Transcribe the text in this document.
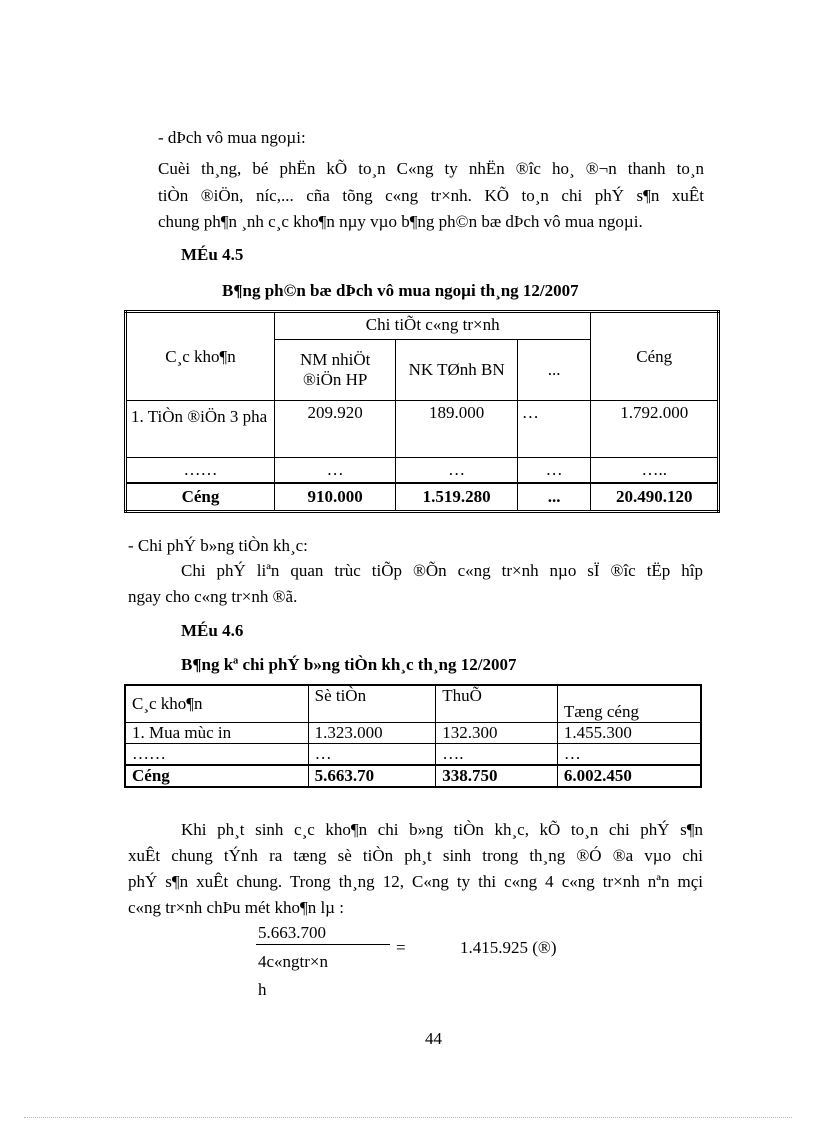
- dÞch vô mua ngoµi:

Cuèi th¸ng, bé phËn kÕ to¸n C«ng ty nhËn ®îc ho¸ ®¬n thanh to¸n

tiÒn ®iÖn, níc,... cña tõng c«ng tr×nh. KÕ to¸n chi phÝ s¶n xuÊt

chung ph¶n ¸nh c¸c kho¶n nµy vµo b¶ng ph©n bæ dÞch vô mua ngoµi.

MÉu 4.5

B¶ng ph©n bæ dÞch vô mua ngoµi th¸ng 12/2007

C¸c kho¶n	Chi tiÕt c«ng tr×nh			Céng
	NM nhiÖt ®iÖn HP	NK TØnh BN	...	
1. TiÒn ®iÖn 3 pha	209.920	189.000	…	1.792.000
……	…	…	…	…..
Céng	910.000	1.519.280	...	20.490.120

- Chi phÝ b»ng tiÒn kh¸c:

Chi phÝ liªn quan trùc tiÕp ®Õn c«ng tr×nh nµo sÏ ®îc tËp hîp

ngay cho c«ng tr×nh ®ã.

MÉu 4.6

B¶ng kª chi phÝ b»ng tiÒn kh¸c th¸ng 12/2007

C¸c kho¶n	Sè tiÒn	ThuÕ	Tæng céng
1. Mua mùc in	1.323.000	132.300	1.455.300
……	…	….	…
Céng	5.663.70	338.750	6.002.450

Khi ph¸t sinh c¸c kho¶n chi b»ng tiÒn kh¸c, kÕ to¸n chi phÝ s¶n

xuÊt chung tÝnh ra tæng sè tiÒn ph¸t sinh trong th¸ng ®Ó ®a vµo chi

phÝ s¶n xuÊt chung. Trong th¸ng 12, C«ng ty thi c«ng 4 c«ng tr×nh nªn mçi

c«ng tr×nh chÞu mét kho¶n lµ :

5.663.700

=	1.415.925 (®)

4c«ngtr×n

h

44
